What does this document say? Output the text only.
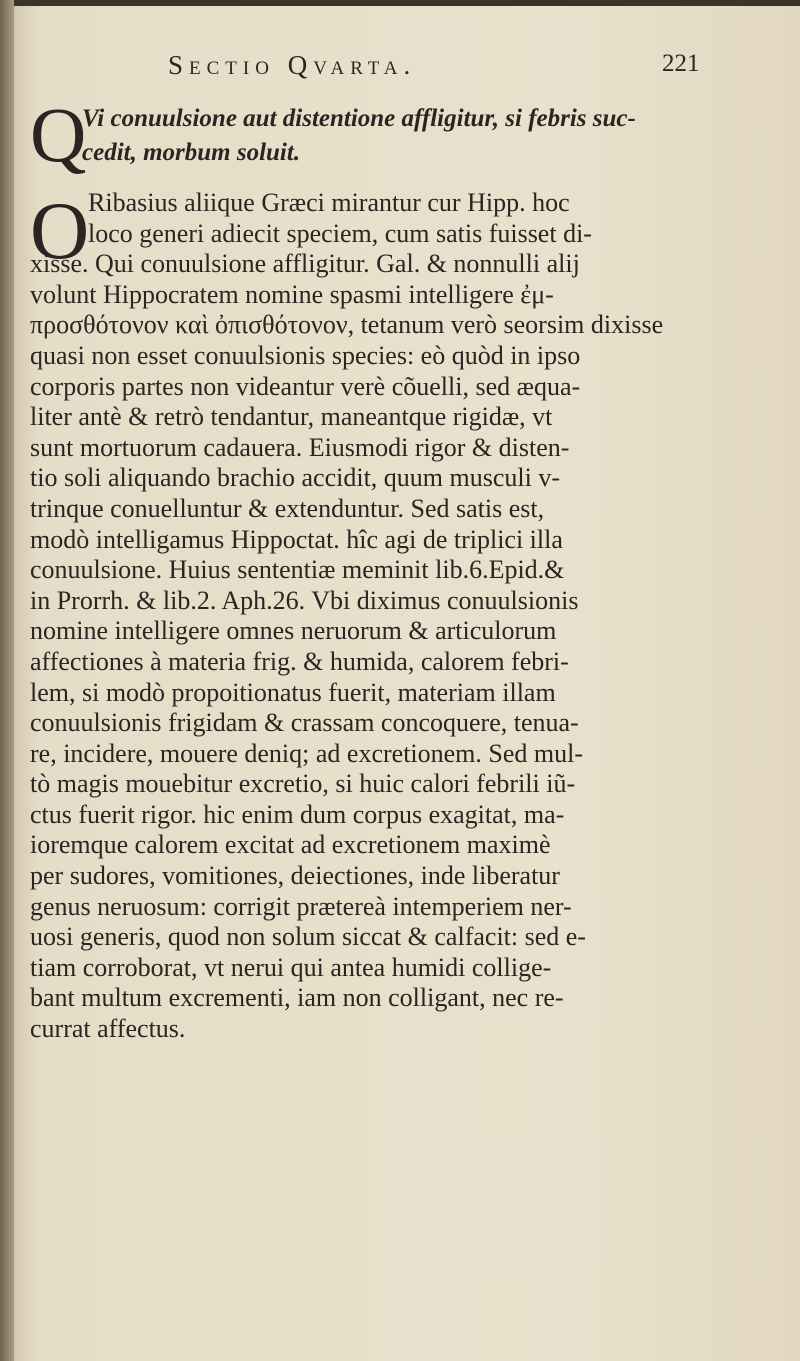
Sectio Qvarta.	221
Q
Vi conuulsione aut distentione affligitur, si febris suc-
cedit, morbum soluit.
O
Ribasius aliique Græci mirantur cur Hipp. hoc
loco generi adiecit speciem, cum satis fuisset di-
xisse. Qui conuulsione affligitur. Gal. & nonnulli alij
volunt Hippocratem nomine spasmi intelligere ἐμ-
προσθότονον καὶ ὀπισθότονον, tetanum verò seorsim dixisse
quasi non esset conuulsionis species: eò quòd in ipso
corporis partes non videantur verè cõuelli, sed æqua-
liter antè & retrò tendantur, maneantque rigidæ, vt
sunt mortuorum cadauera. Eiusmodi rigor & disten-
tio soli aliquando brachio accidit, quum musculi v-
trinque conuelluntur & extenduntur. Sed satis est,
modò intelligamus Hippoctat. hîc agi de triplici illa
conuulsione. Huius sententiæ meminit lib.6.Epid.&
in Prorrh. & lib.2. Aph.26. Vbi diximus conuulsionis
nomine intelligere omnes neruorum & articulorum
affectiones à materia frig. & humida, calorem febri-
lem, si modò propoitionatus fuerit, materiam illam
conuulsionis frigidam & crassam concoquere, tenua-
re, incidere, mouere deniq; ad excretionem. Sed mul-
tò magis mouebitur excretio, si huic calori febrili iũ-
ctus fuerit rigor. hic enim dum corpus exagitat, ma-
ioremque calorem excitat ad excretionem maximè
per sudores, vomitiones, deiectiones, inde liberatur
genus neruosum: corrigit prætereà intemperiem ner-
uosi generis, quod non solum siccat & calfacit: sed e-
tiam corroborat, vt nerui qui antea humidi collige-
bant multum excrementi, iam non colligant, nec re-
currat affectus.
